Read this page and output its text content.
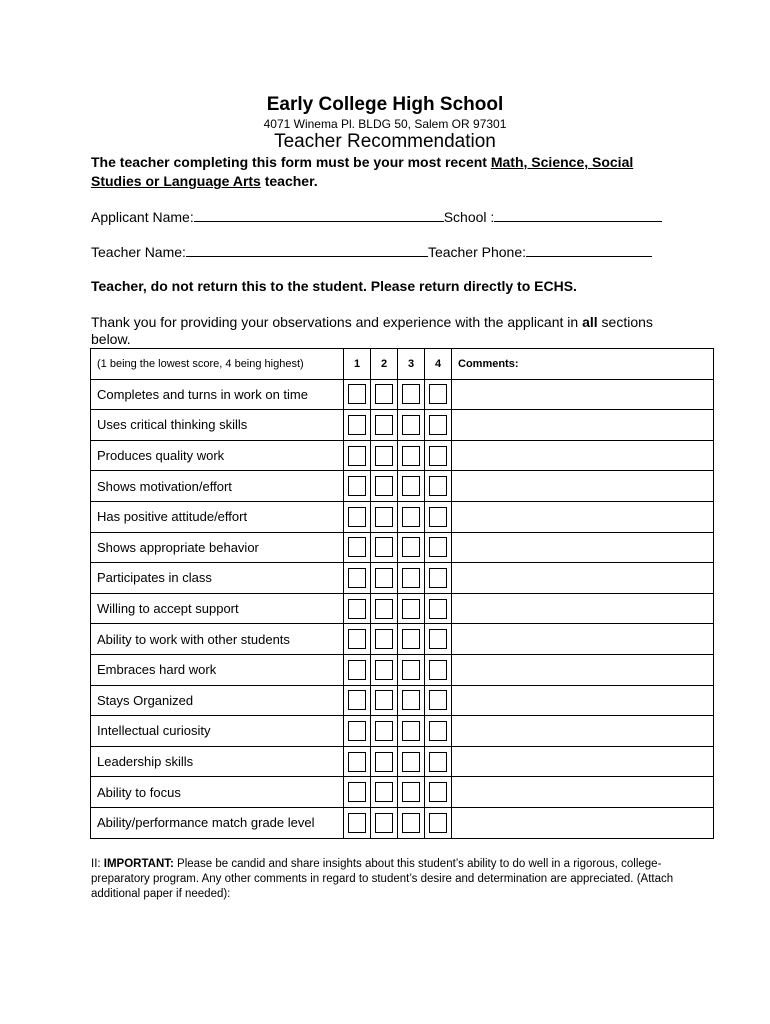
Early College High School
4071 Winema Pl. BLDG 50, Salem OR 97301
Teacher Recommendation
The teacher completing this form must be your most recent Math, Science, Social
Studies or Language Arts teacher.
Applicant Name:	School :
Teacher Name:	Teacher Phone:
Teacher, do not return this to the student. Please return directly to ECHS.
Thank you for providing your observations and experience with the applicant in all sections below.
(1 being the lowest score, 4 being highest)	1	2	3	4	Comments:
Completes and turns in work on time					
Uses critical thinking skills					
Produces quality work					
Shows motivation/effort					
Has positive attitude/effort					
Shows appropriate behavior					
Participates in class					
Willing to accept support					
Ability to work with other students					
Embraces hard work					
Stays Organized					
Intellectual curiosity					
Leadership skills					
Ability to focus					
Ability/performance match grade level					
II: IMPORTANT: Please be candid and share insights about this student’s ability to do well in a rigorous, college-preparatory program. Any other comments in regard to student’s desire and determination are appreciated. (Attach additional paper if needed):
